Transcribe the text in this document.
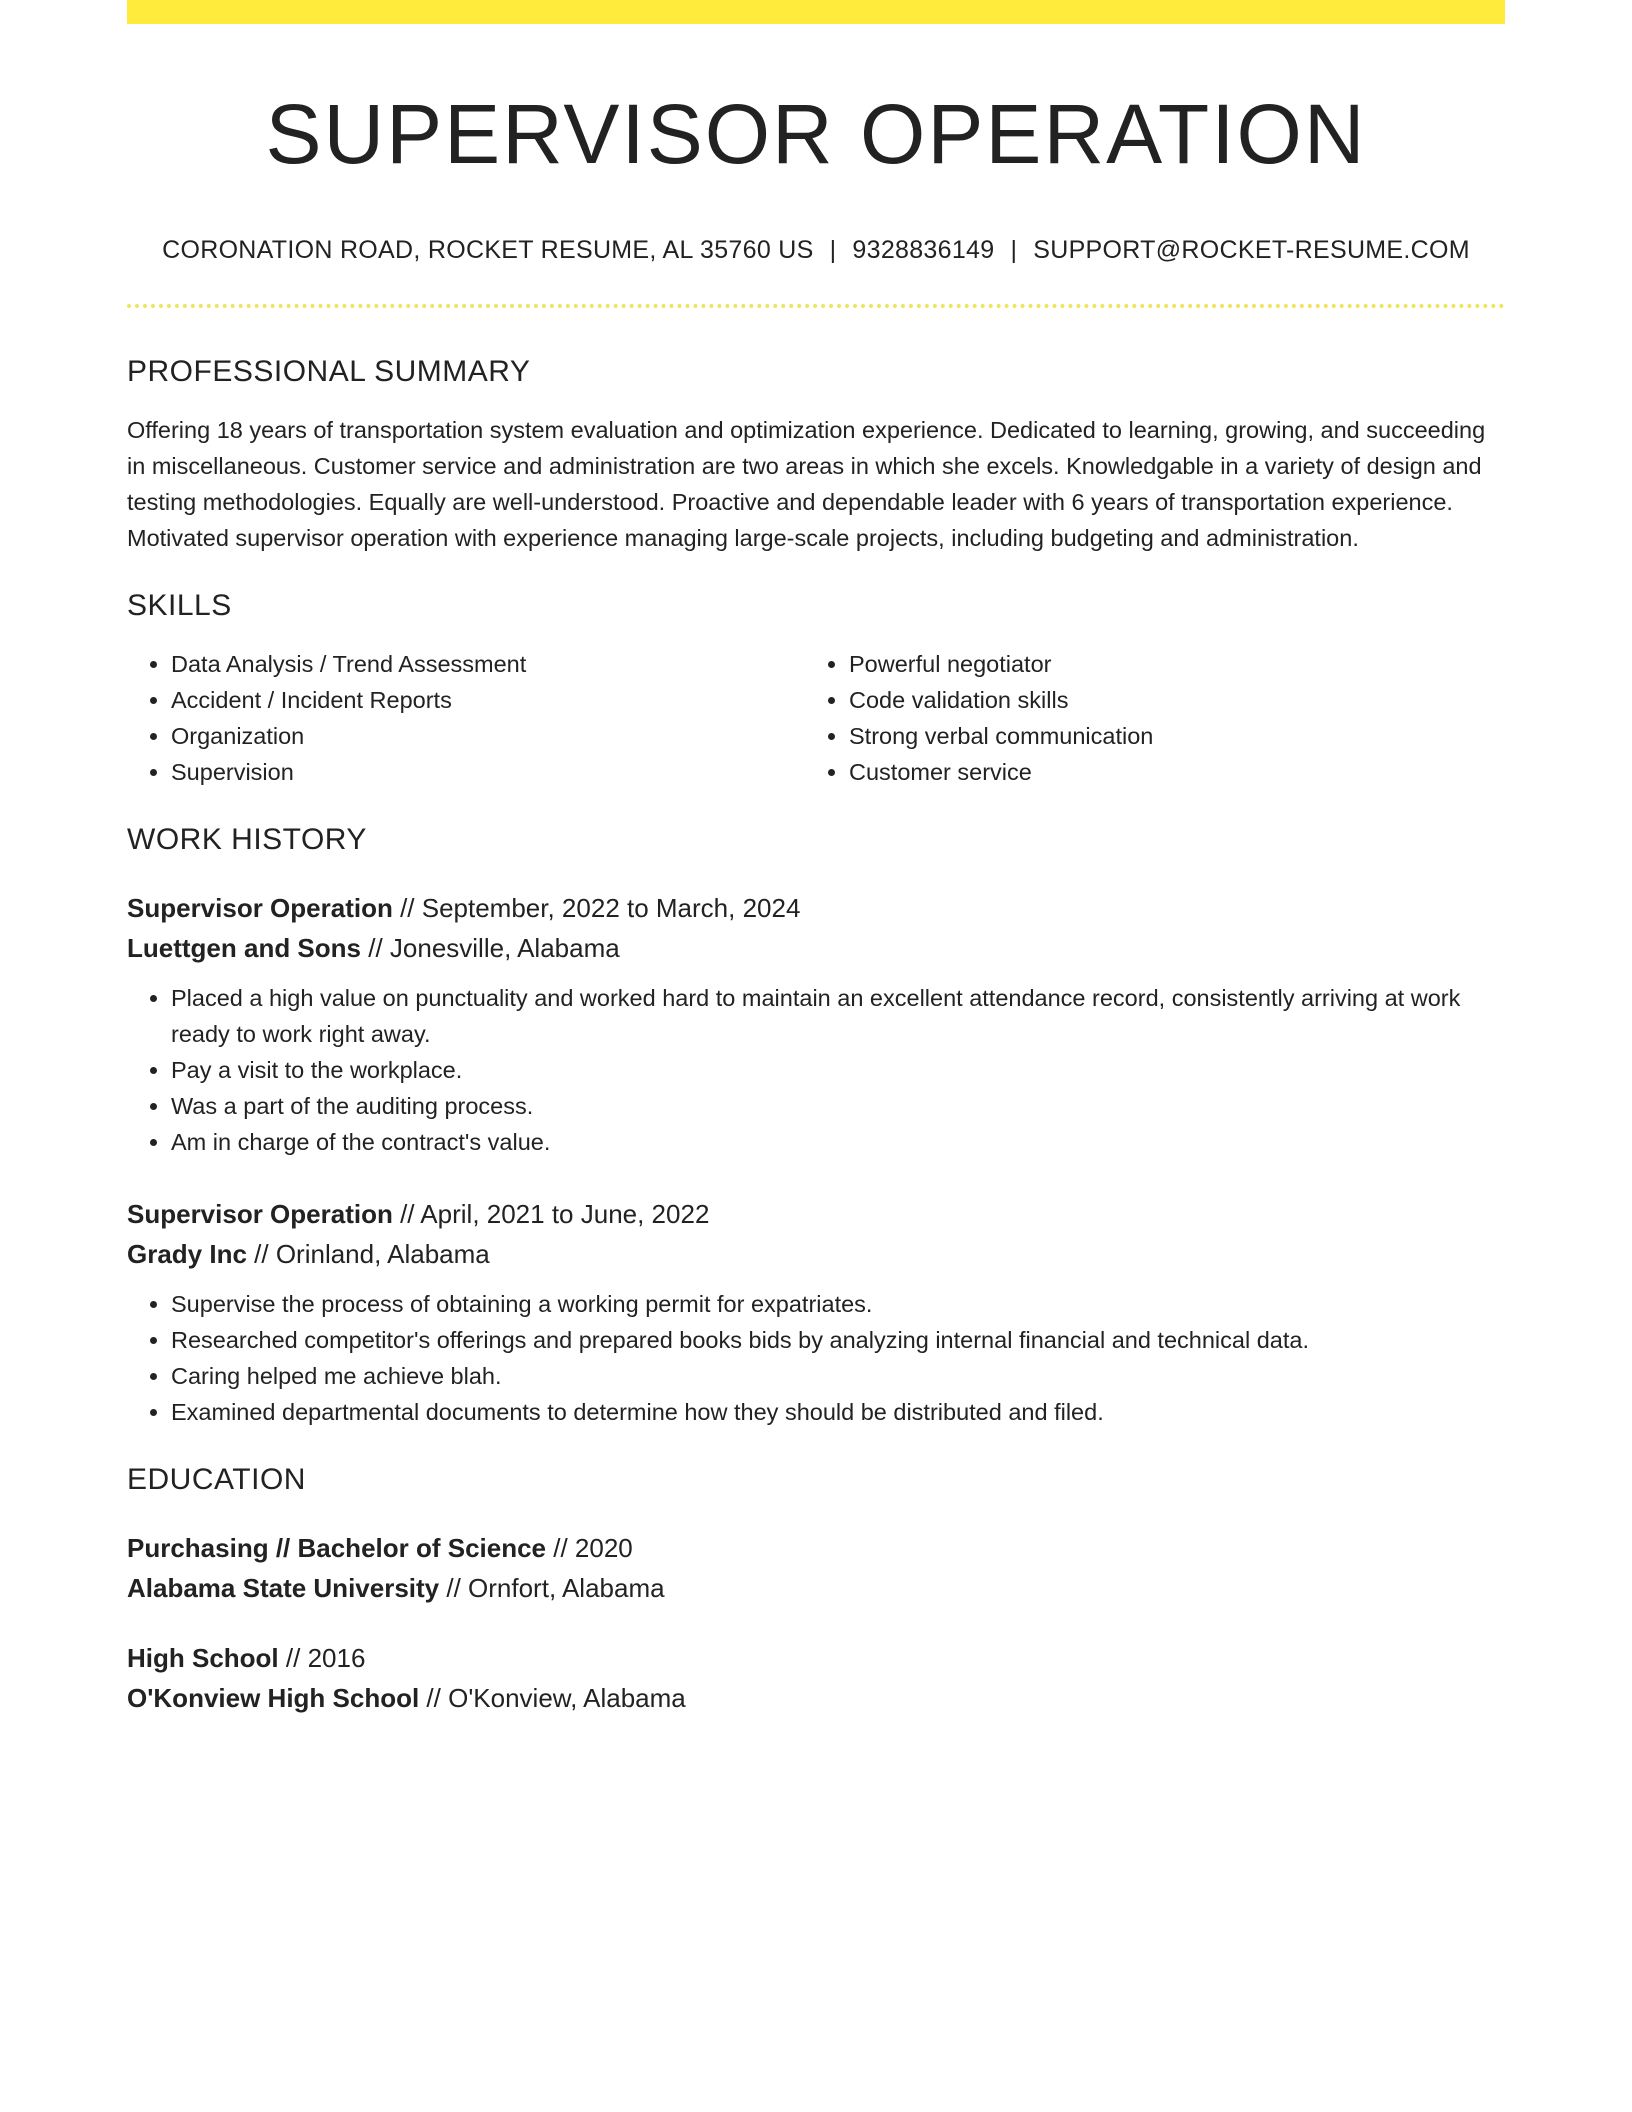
SUPERVISOR OPERATION
CORONATION ROAD, ROCKET RESUME, AL 35760 US | 9328836149 | SUPPORT@ROCKET-RESUME.COM
PROFESSIONAL SUMMARY
Offering 18 years of transportation system evaluation and optimization experience. Dedicated to learning, growing, and succeeding in miscellaneous. Customer service and administration are two areas in which she excels. Knowledgable in a variety of design and testing methodologies. Equally are well-understood. Proactive and dependable leader with 6 years of transportation experience. Motivated supervisor operation with experience managing large-scale projects, including budgeting and administration.
SKILLS
• Data Analysis / Trend Assessment
• Accident / Incident Reports
• Organization
• Supervision
• Powerful negotiator
• Code validation skills
• Strong verbal communication
• Customer service
WORK HISTORY
Supervisor Operation // September, 2022 to March, 2024
Luettgen and Sons // Jonesville, Alabama
• Placed a high value on punctuality and worked hard to maintain an excellent attendance record, consistently arriving at work ready to work right away.
• Pay a visit to the workplace.
• Was a part of the auditing process.
• Am in charge of the contract's value.
Supervisor Operation // April, 2021 to June, 2022
Grady Inc // Orinland, Alabama
• Supervise the process of obtaining a working permit for expatriates.
• Researched competitor's offerings and prepared books bids by analyzing internal financial and technical data.
• Caring helped me achieve blah.
• Examined departmental documents to determine how they should be distributed and filed.
EDUCATION
Purchasing // Bachelor of Science // 2020
Alabama State University // Ornfort, Alabama
High School // 2016
O'Konview High School // O'Konview, Alabama
